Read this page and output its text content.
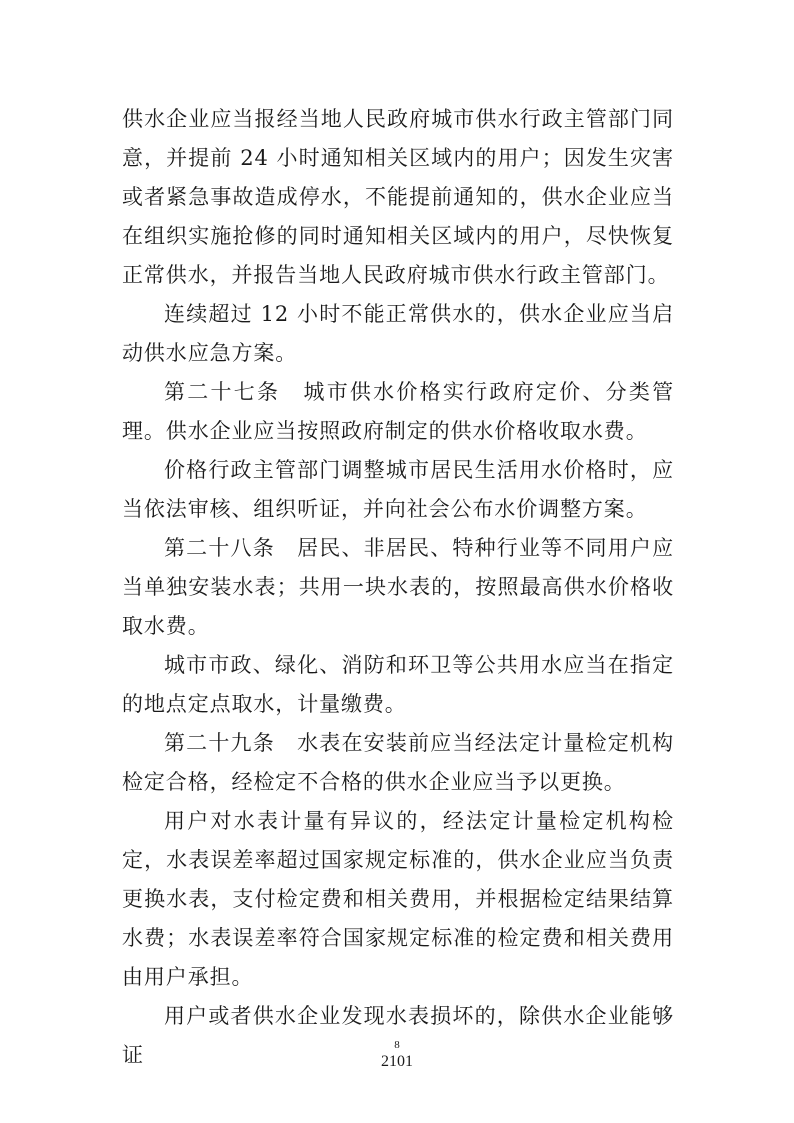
供水企业应当报经当地人民政府城市供水行政主管部门同意，并提前 24 小时通知相关区域内的用户；因发生灾害或者紧急事故造成停水，不能提前通知的，供水企业应当在组织实施抢修的同时通知相关区域内的用户，尽快恢复正常供水，并报告当地人民政府城市供水行政主管部门。

连续超过 12 小时不能正常供水的，供水企业应当启动供水应急方案。

第二十七条　城市供水价格实行政府定价、分类管理。供水企业应当按照政府制定的供水价格收取水费。

价格行政主管部门调整城市居民生活用水价格时，应当依法审核、组织听证，并向社会公布水价调整方案。

第二十八条　居民、非居民、特种行业等不同用户应当单独安装水表；共用一块水表的，按照最高供水价格收取水费。

城市市政、绿化、消防和环卫等公共用水应当在指定的地点定点取水，计量缴费。

第二十九条　水表在安装前应当经法定计量检定机构检定合格，经检定不合格的供水企业应当予以更换。

用户对水表计量有异议的，经法定计量检定机构检定，水表误差率超过国家规定标准的，供水企业应当负责更换水表，支付检定费和相关费用，并根据检定结果结算水费；水表误差率符合国家规定标准的检定费和相关费用由用户承担。

用户或者供水企业发现水表损坏的，除供水企业能够证	8
2101
